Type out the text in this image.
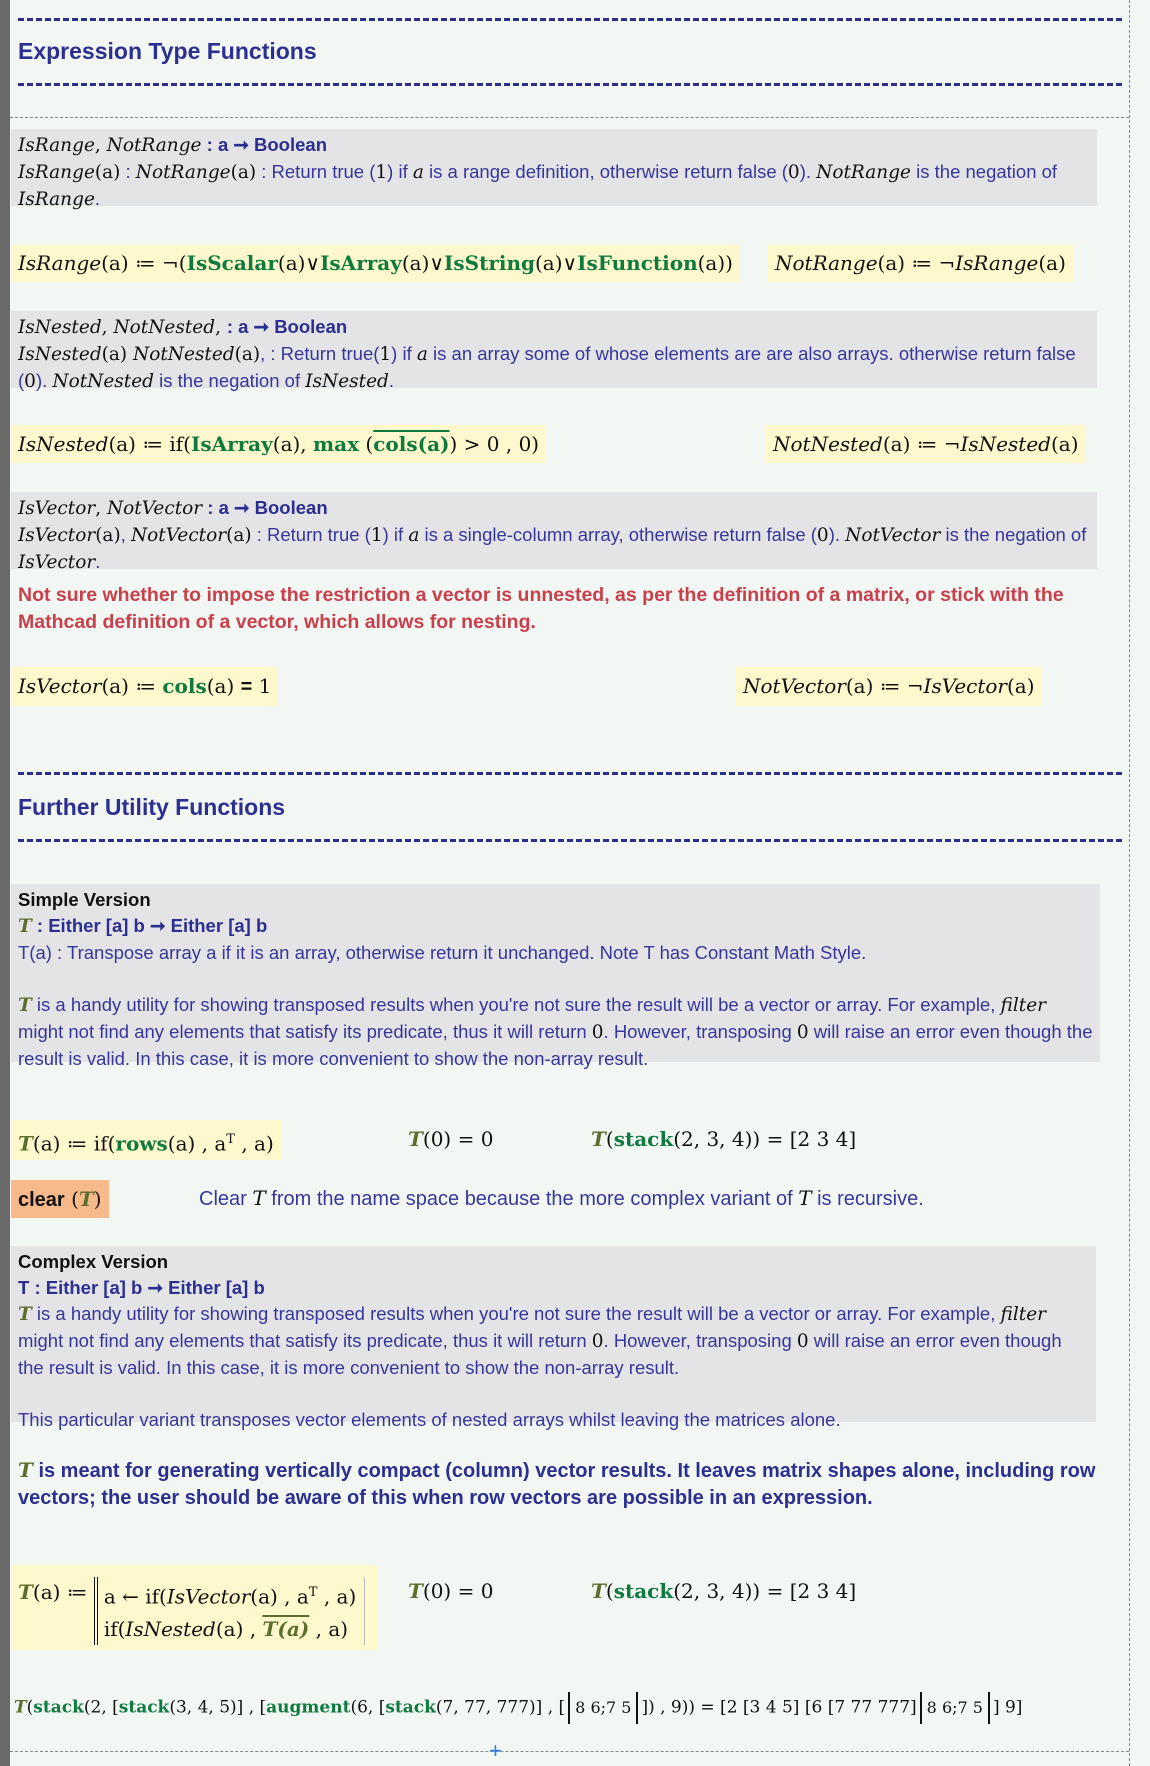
Expression Type Functions
IsRange, NotRange : a ➞ Boolean
IsRange(a) : NotRange(a) : Return true (1) if a is a range definition, otherwise return false (0). NotRange is the negation of IsRange.
IsRange(a) ≔ ¬(IsScalar(a)∨IsArray(a)∨IsString(a)∨IsFunction(a))	NotRange(a) ≔ ¬IsRange(a)
IsNested, NotNested, : a ➞ Boolean
IsNested(a) NotNested(a), : Return true(1) if a is an array some of whose elements are are also arrays. otherwise return false (0). NotNested is the negation of IsNested.
IsNested(a) ≔ if(IsArray(a), max (cols(a)) > 0 , 0)	NotNested(a) ≔ ¬IsNested(a)
IsVector, NotVector : a ➞ Boolean
IsVector(a), NotVector(a) : Return true (1) if a is a single-column array, otherwise return false (0). NotVector is the negation of IsVector.
Not sure whether to impose the restriction a vector is unnested, as per the definition of a matrix, or stick with the Mathcad definition of a vector, which allows for nesting.
IsVector(a) ≔ cols(a) = 1	NotVector(a) ≔ ¬IsVector(a)
Further Utility Functions
Simple Version
T : Either [a] b ➞ Either [a] b
T(a) : Transpose array a if it is an array, otherwise return it unchanged. Note T has Constant Math Style.

T is a handy utility for showing transposed results when you're not sure the result will be a vector or array. For example, filter might not find any elements that satisfy its predicate, thus it will return 0. However, transposing 0 will raise an error even though the result is valid. In this case, it is more convenient to show the non-array result.
T(a) ≔ if(rows(a) , $a^T$ , a)	T(0) = 0	T(stack(2, 3, 4)) = [2 3 4]
clear (T)	Clear T from the name space because the more complex variant of T is recursive.
Complex Version
T : Either [a] b ➞ Either [a] b
T is a handy utility for showing transposed results when you're not sure the result will be a vector or array. For example, filter might not find any elements that satisfy its predicate, thus it will return 0. However, transposing 0 will raise an error even though the result is valid. In this case, it is more convenient to show the non-array result.

This particular variant transposes vector elements of nested arrays whilst leaving the matrices alone.
T is meant for generating vertically compact (column) vector results. It leaves matrix shapes alone, including row vectors; the user should be aware of this when row vectors are possible in an expression.
T(a) ≔ a ← if(IsVector(a) , $a^T$ , a)
if(IsNested(a) , T(a) , a)
T(0) = 0	T(stack(2, 3, 4)) = [2 3 4]
T(stack(2, [stack(3, 4, 5)] , [augment(6, [stack(7, 77, 777)] , [ 8 6;7 5 ]) , 9)) = [2 [3 4 5] [6 [7 77 777] 8 6;7 5 ] 9]
+
